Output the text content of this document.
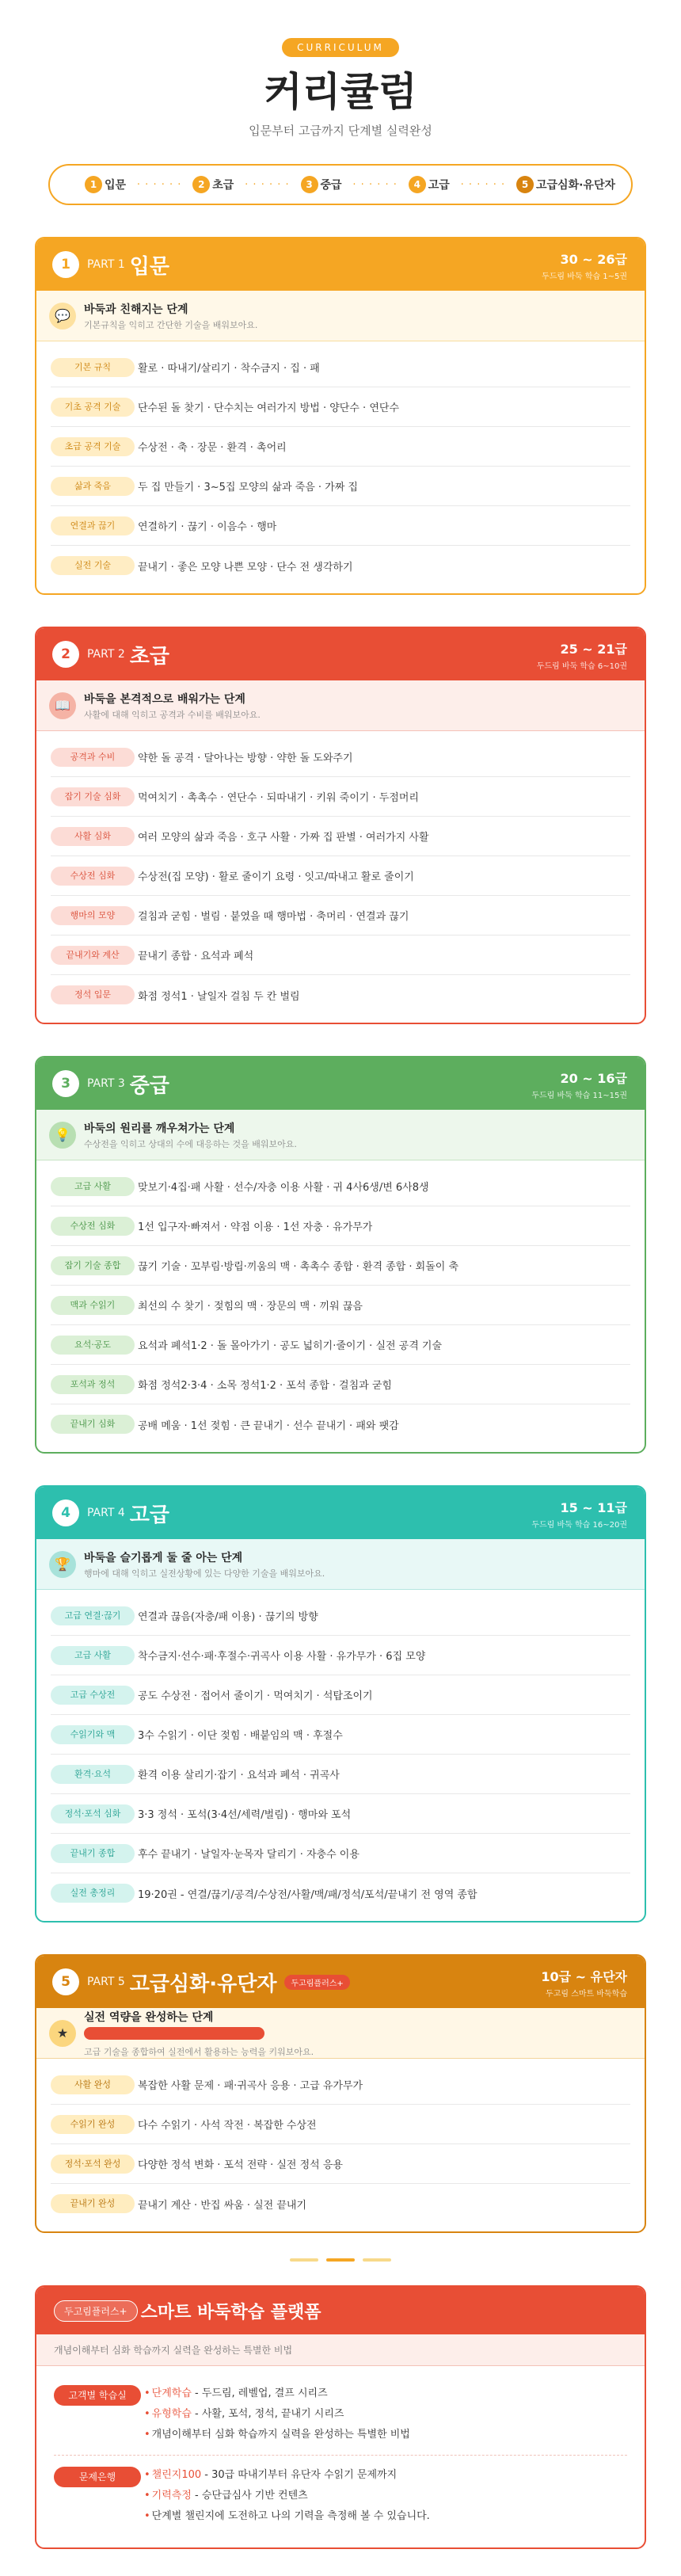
CURRICULUM
커리큘럼

입문부터 고급까지 단계별 실력완성

1 입문 · · · · · ·	2 초급 · · · · · ·	3 중급 · · · · · ·	4 고급 · · · · · ·	5 고급심화·유단자
1	PART 1 입문	30 ~ 26급
두드림 바둑 학습 1~5권
💬	바둑과 친해지는 단계
기본규칙을 익히고 간단한 기술을 배워보아요.
기본 규칙	활로 · 따내기/살리기 · 착수금지 · 집 · 패
기초 공격 기술	단수된 돌 찾기 · 단수치는 여러가지 방법 · 양단수 · 연단수
초급 공격 기술	수상전 · 축 · 장문 · 환격 · 촉어리
삶과 죽음	두 집 만들기 · 3~5집 모양의 삶과 죽음 · 가짜 집
연결과 끊기	연결하기 · 끊기 · 이음수 · 행마
실전 기술	끝내기 · 좋은 모양 나쁜 모양 · 단수 전 생각하기
2	PART 2 초급	25 ~ 21급
두드림 바둑 학습 6~10권
📖	바둑을 본격적으로 배워가는 단계
사활에 대해 익히고 공격과 수비를 배워보아요.
공격과 수비	약한 돌 공격 · 달아나는 방향 · 약한 돌 도와주기
잡기 기술 심화	먹여치기 · 촉촉수 · 연단수 · 되따내기 · 키워 죽이기 · 두점머리
사활 심화	여러 모양의 삶과 죽음 · 호구 사활 · 가짜 집 판별 · 여러가지 사활
수상전 심화	수상전(집 모양) · 활로 줄이기 요령 · 잇고/따내고 활로 줄이기
행마의 모양	걸침과 굳힘 · 벌림 · 붙였을 때 행마법 · 축머리 · 연결과 끊기
끝내기와 계산	끝내기 종합 · 요석과 폐석
정석 입문	화점 정석1 · 날일자 걸침 두 칸 벌림
3	PART 3 중급	20 ~ 16급
두드림 바둑 학습 11~15권
💡	바둑의 원리를 깨우쳐가는 단계
수상전을 익히고 상대의 수에 대응하는 것을 배워보아요.
고급 사활	맞보기·4집·패 사활 · 선수/자충 이용 사활 · 귀 4사6생/변 6사8생
수상전 심화	1선 입구자·빠져서 · 약점 이용 · 1선 자충 · 유가무가
잡기 기술 종합	끊기 기술 · 꼬부림·방립·끼움의 맥 · 촉촉수 종합 · 환격 종합 · 회돌이 축
맥과 수읽기	최선의 수 찾기 · 젖힘의 맥 · 장문의 맥 · 끼워 끊음
요석·공도	요석과 폐석1·2 · 돌 몰아가기 · 공도 넓히기·줄이기 · 실전 공격 기술
포석과 정석	화점 정석2·3·4 · 소목 정석1·2 · 포석 종합 · 걸침과 굳힘
끝내기 심화	공배 메움 · 1선 젖힘 · 큰 끝내기 · 선수 끝내기 · 패와 팻감
4	PART 4 고급	15 ~ 11급
두드림 바둑 학습 16~20권
🏆	바둑을 슬기롭게 둘 줄 아는 단계
행마에 대해 익히고 실전상황에 있는 다양한 기술을 배워보아요.
고급 연결·끊기	연결과 끊음(자충/패 이용) · 끊기의 방향
고급 사활	착수금지·선수·패·후절수·귀곡사 이용 사활 · 유가무가 · 6집 모양
고급 수상전	공도 수상전 · 접어서 줄이기 · 먹여치기 · 석탑조이기
수읽기와 맥	3수 수읽기 · 이단 젖힘 · 배붙임의 맥 · 후절수
환격·요석	환격 이용 살리기·잡기 · 요석과 폐석 · 귀곡사
정석·포석 심화	3·3 정석 · 포석(3·4선/세력/벌림) · 행마와 포석
끝내기 종합	후수 끝내기 · 날일자·눈목자 달리기 · 자충수 이용
실전 총정리	19·20권 - 연결/끊기/공격/수상전/사활/맥/패/정석/포석/끝내기 전 영역 종합
5	PART 5 고급심화·유단자	두고림플러스+	10급 ~ 유단자
두고림 스마트 바둑학습
★
실전 역량을 완성하는 단계
고급 기술을 종합하여 실전에서 활용하는 능력을 키워보아요.
사활 완성	복잡한 사활 문제 · 패·귀곡사 응용 · 고급 유가무가
수읽기 완성	다수 수읽기 · 사석 작전 · 복잡한 수상전
정석·포석 완성	다양한 정석 변화 · 포석 전략 · 실전 정석 응용
끝내기 완성	끝내기 계산 · 반집 싸움 · 실전 끝내기
두고림플러스+ 스마트 바둑학습 플랫폼
개념이해부터 심화 학습까지 실력을 완성하는 특별한 비법
고객별 학습실	• 단계학습 - 두드림, 레벨업, 결프 시리즈
• 유형학습 - 사활, 포석, 정석, 끝내기 시리즈
• 개념이해부터 심화 학습까지 실력을 완성하는 특별한 비법
문제은행	• 챌린지100 - 30급 따내기부터 유단자 수읽기 문제까지
• 기력측정 - 승단급심사 기반 컨텐츠
• 단계별 챌린지에 도전하고 나의 기력을 측정해 볼 수 있습니다.
